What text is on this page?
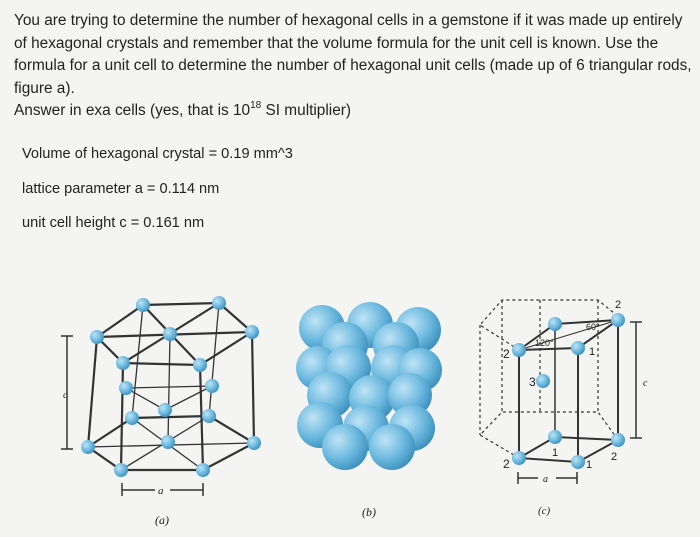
You are trying to determine the number of hexagonal cells in a gemstone if it was made up entirely of hexagonal crystals and remember that the volume formula for the unit cell is known. Use the formula for a unit cell to determine the number of hexagonal unit cells (made up of 6 triangular rods, figure a).

Answer in exa cells (yes, that is $10^{18}$ SI multiplier)

Volume of hexagonal crystal = 0.19 mm^3
lattice parameter a = 0.114 nm
unit cell height c = 0.161 nm
c
a
(a)
(b)
120°
60°
2
3
1
2
2
1
1
2
c
a
(c)
